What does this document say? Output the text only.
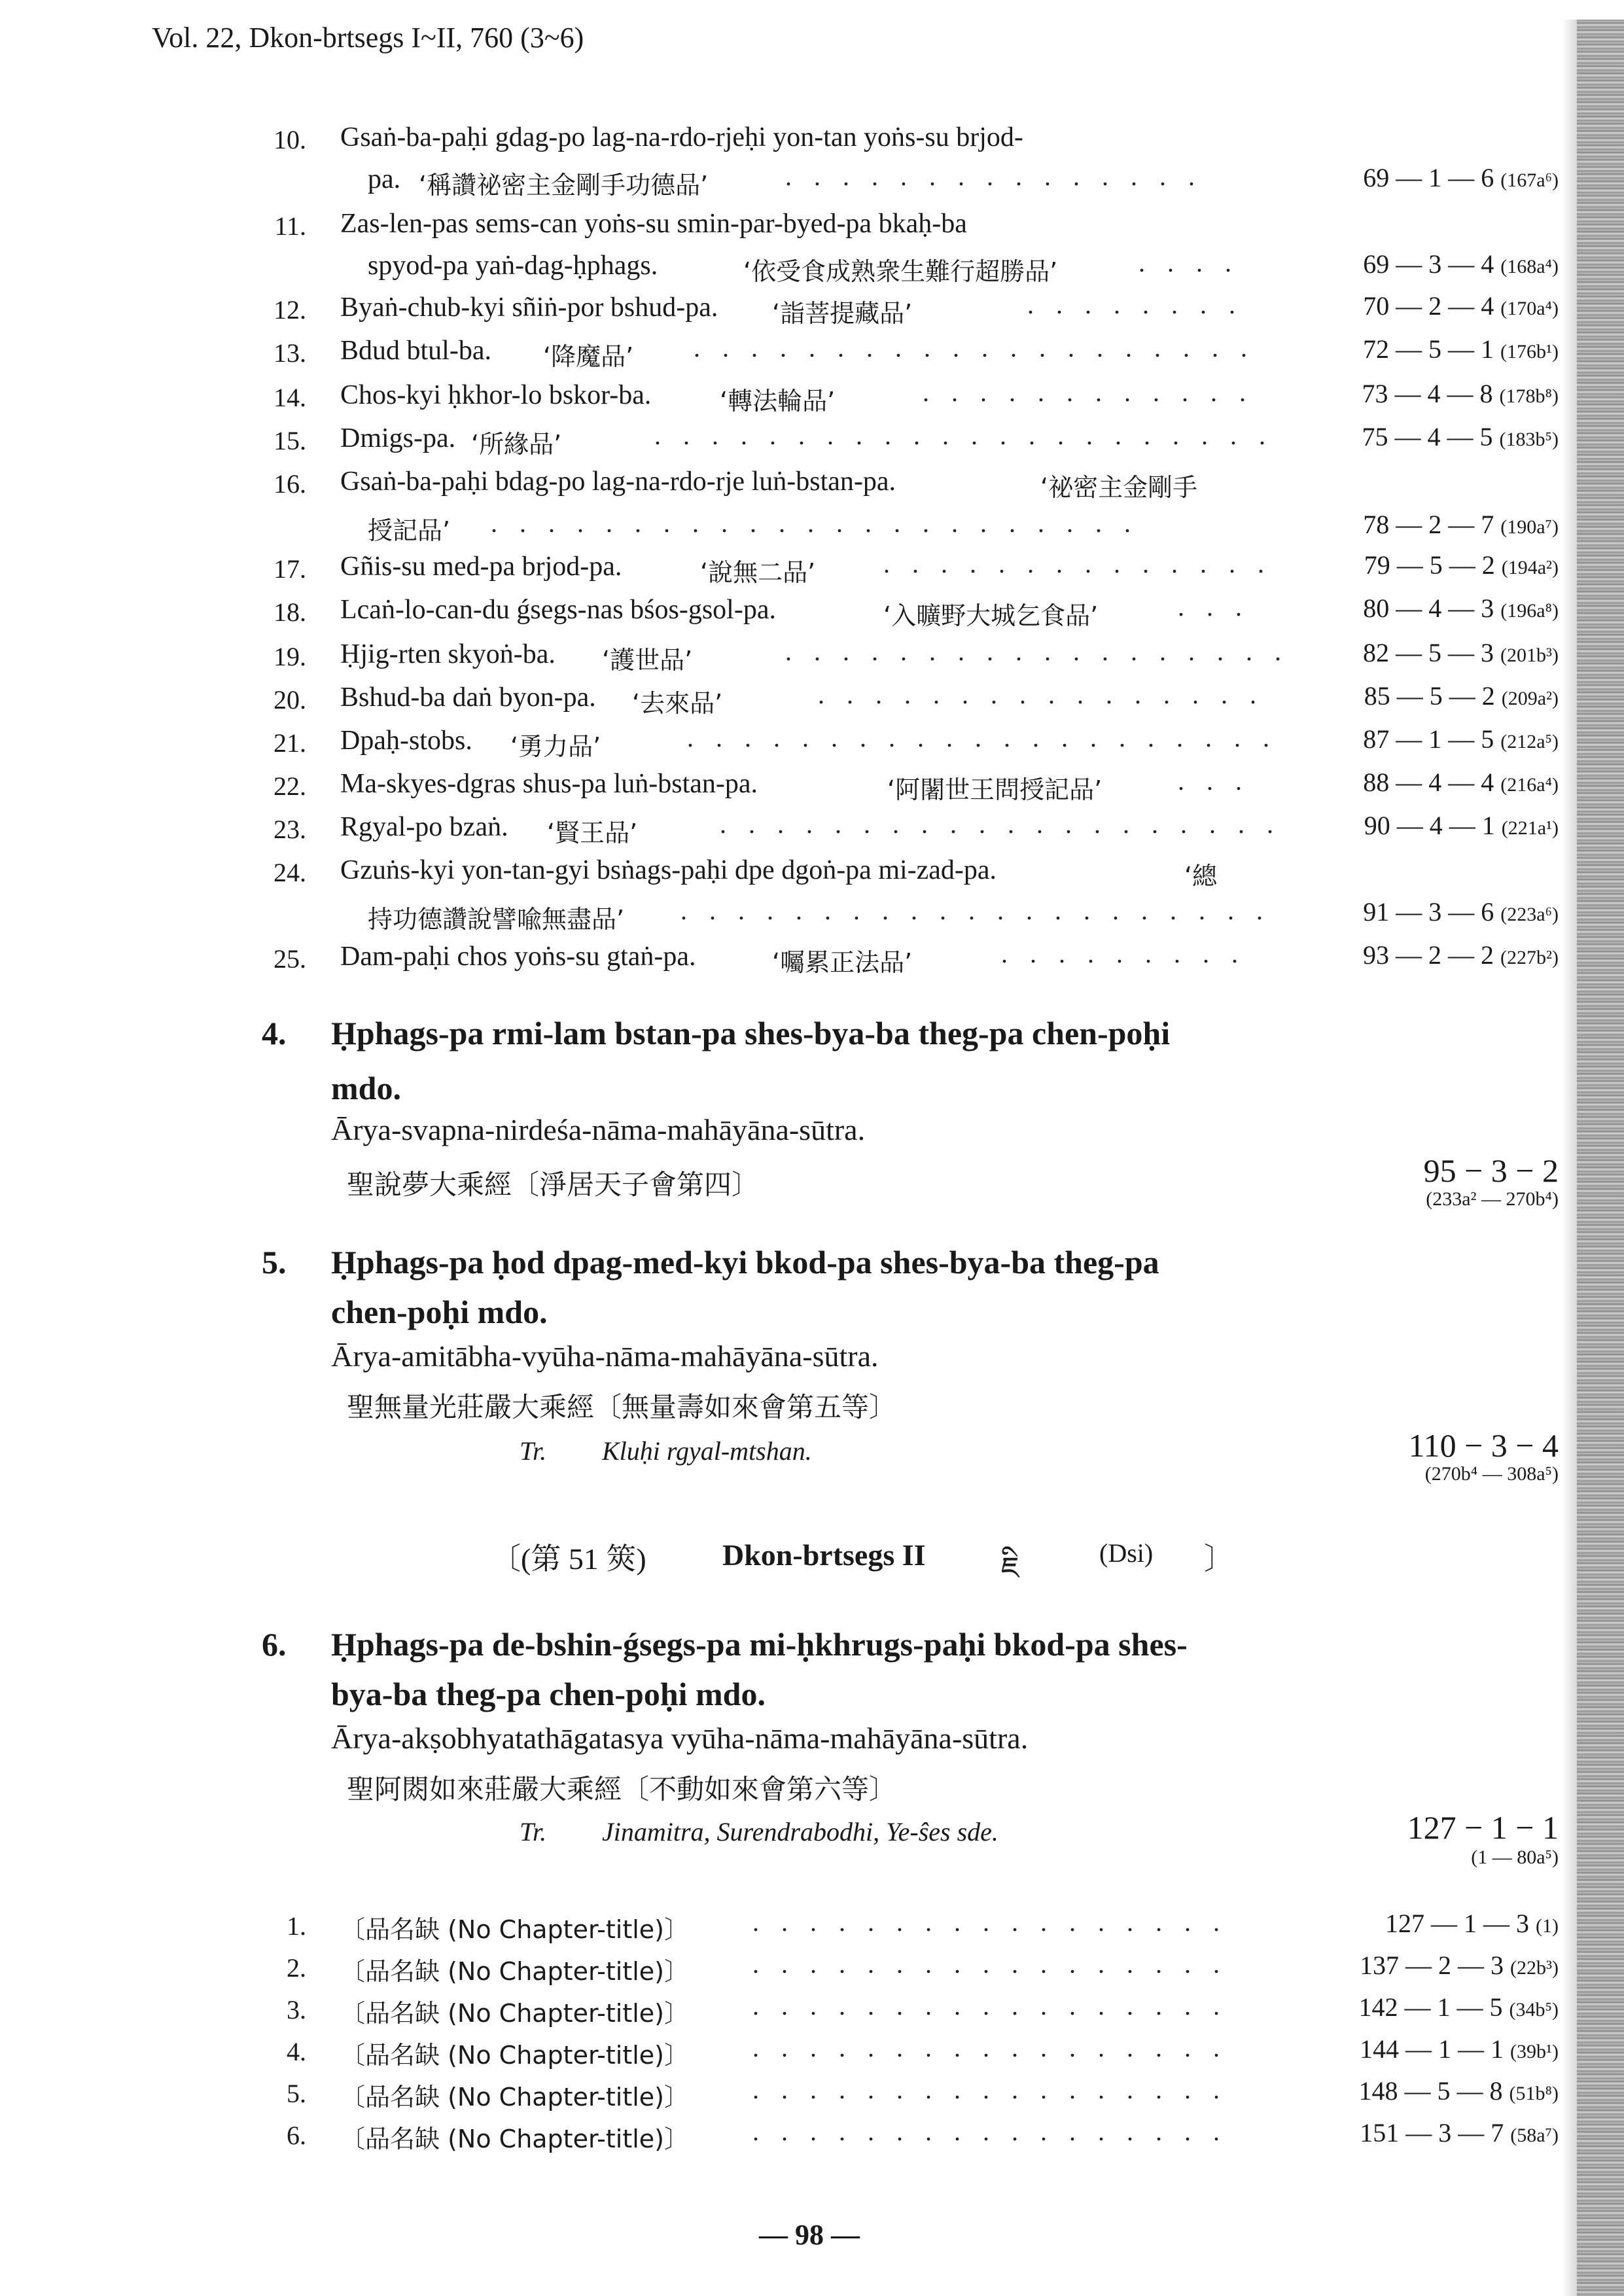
Vol. 22, Dkon-brtsegs I~II, 760 (3~6)
10. Gsaṅ-ba-paḥi gdag-po lag-na-rdo-rjeḥi yon-tan yoṅs-su brjod-
pa. ‘稱讚祕密主金剛手功德品’	. . . . . . . . . . . . . . .	69 — 1 — 6 (167a⁶)
11. Zas-len-pas sems-can yoṅs-su smin-par-byed-pa bkaḥ-ba
spyod-pa yaṅ-dag-ḥphags.	‘依受食成熟衆生難行超勝品’	. . . .	69 — 3 — 4 (168a⁴)
12. Byaṅ-chub-kyi sñiṅ-por bshud-pa. ‘詣菩提藏品’	. . . . . . . .	70 — 2 — 4 (170a⁴)
13. Bdud btul-ba. ‘降魔品’ . . . . . . . . . . . . . . . . . . . .	72 — 5 — 1 (176b¹)
14. Chos-kyi ḥkhor-lo bskor-ba.	‘轉法輪品’	. . . . . . . . . . . .	73 — 4 — 8 (178b⁸)
15. Dmigs-pa. ‘所緣品’	. . . . . . . . . . . . . . . . . . . . . .	75 — 4 — 5 (183b⁵)
16. Gsaṅ-ba-paḥi bdag-po lag-na-rdo-rje luṅ-bstan-pa.	‘祕密主金剛手
授記品’ . . . . . . . . . . . . . . . . . . . . . . .	78 — 2 — 7 (190a⁷)
17. Gñis-su med-pa brjod-pa.	‘說無二品’	. . . . . . . . . . . . . .	79 — 5 — 2 (194a²)
18. Lcaṅ-lo-can-du ǵsegs-nas bśos-gsol-pa.	‘入曠野大城乞食品’	. . .	80 — 4 — 3 (196a⁸)
19. Ḥjig-rten skyoṅ-ba. ‘護世品’	. . . . . . . . . . . . . . . . . .	82 — 5 — 3 (201b³)
20. Bshud-ba daṅ byon-pa. ‘去來品’	. . . . . . . . . . . . . . . .	85 — 5 — 2 (209a²)
21. Dpaḥ-stobs. ‘勇力品’	. . . . . . . . . . . . . . . . . . . . .	87 — 1 — 5 (212a⁵)
22. Ma-skyes-dgras shus-pa luṅ-bstan-pa.	‘阿闍世王問授記品’	. . .	88 — 4 — 4 (216a⁴)
23. Rgyal-po bzaṅ. ‘賢王品’	. . . . . . . . . . . . . . . . . . . .	90 — 4 — 1 (221a¹)
24. Gzuṅs-kyi yon-tan-gyi bsṅags-paḥi dpe dgoṅ-pa mi-zad-pa.	‘總
持功德讚說譬喩無盡品’ . . . . . . . . . . . . . . . . . . . . .	91 — 3 — 6 (223a⁶)
25. Dam-paḥi chos yoṅs-su gtaṅ-pa.	‘囑累正法品’	. . . . . . . . .	93 — 2 — 2 (227b²)
4. Ḥphags-pa rmi-lam bstan-pa shes-bya-ba theg-pa chen-poḥi
mdo.
Ārya-svapna-nirdeśa-nāma-mahāyāna-sūtra.
聖說夢大乘經〔淨居天子會第四〕	95 − 3 − 2
(233a² — 270b⁴)
5. Ḥphags-pa ḥod dpag-med-kyi bkod-pa shes-bya-ba theg-pa
chen-poḥi mdo.
Ārya-amitābha-vyūha-nāma-mahāyāna-sūtra.
聖無量光莊嚴大乘經〔無量壽如來會第五等〕
Tr. Kluḥi rgyal-mtshan.	110 − 3 − 4
(270b⁴ — 308a⁵)
〔(第 51 筴)	Dkon-brtsegs II	ཇི	(Dsi) 〕
6. Ḥphags-pa de-bshin-ǵsegs-pa mi-ḥkhrugs-paḥi bkod-pa shes-
bya-ba theg-pa chen-poḥi mdo.
Ārya-akṣobhyatathāgatasya vyūha-nāma-mahāyāna-sūtra.
聖阿閦如來莊嚴大乘經〔不動如來會第六等〕
Tr. Jinamitra, Surendrabodhi, Ye-ŝes sde.	127 − 1 − 1
(1 — 80a⁵)
1. 〔品名缺 (No Chapter-title)〕 . . . . . . . . . . . . . . . . .	127 — 1 — 3 (1)
2. 〔品名缺 (No Chapter-title)〕 . . . . . . . . . . . . . . . . .	137 — 2 — 3 (22b³)
3. 〔品名缺 (No Chapter-title)〕 . . . . . . . . . . . . . . . . .	142 — 1 — 5 (34b⁵)
4. 〔品名缺 (No Chapter-title)〕 . . . . . . . . . . . . . . . . .	144 — 1 — 1 (39b¹)
5. 〔品名缺 (No Chapter-title)〕 . . . . . . . . . . . . . . . . .	148 — 5 — 8 (51b⁸)
6. 〔品名缺 (No Chapter-title)〕 . . . . . . . . . . . . . . . . .	151 — 3 — 7 (58a⁷)
— 98 —
